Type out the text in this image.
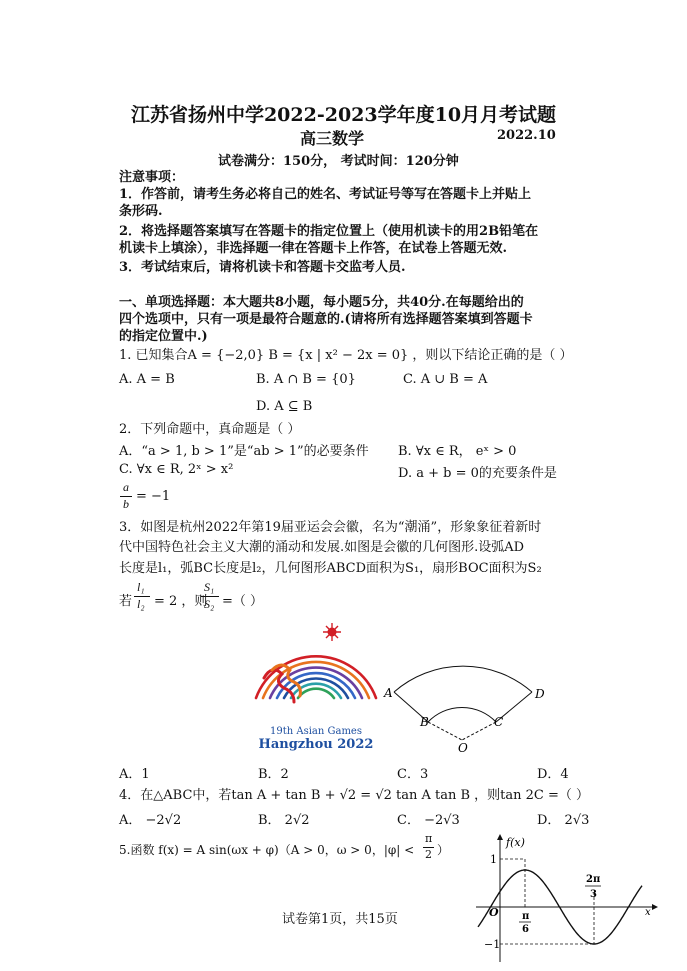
江苏省扬州中学2022-2023学年度10月月考试题
高三数学	2022.10
试卷满分：150分， 考试时间：120分钟
注意事项：
1．作答前，请考生务必将自己的姓名、考试证号等写在答题卡上并贴上
条形码.
2．将选择题答案填写在答题卡的指定位置上（使用机读卡的用2B铅笔在
机读卡上填涂），非选择题一律在答题卡上作答，在试卷上答题无效.
3．考试结束后，请将机读卡和答题卡交监考人员.
一、单项选择题：本大题共8小题，每小题5分，共40分.在每题给出的
四个选项中，只有一项是最符合题意的.(请将所有选择题答案填到答题卡
的指定位置中.)
1. 已知集合A = {−2,0} B = {x | x² − 2x = 0} ，则以下结论正确的是（ ）
A. A = B	B. A ∩ B = {0}	C. A ∪ B = A
D. A ⊆ B
2．下列命题中，真命题是（ ）
A．“a > 1, b > 1”是“ab > 1”的必要条件 B. ∀x ∈ R， eˣ > 0
C. ∀x ∈ R, 2ˣ > x²	D. a + b = 0的充要条件是
a
b = −1
3．如图是杭州2022年第19届亚运会会徽，名为“潮涌”，形象象征着新时
代中国特色社会主义大潮的涌动和发展.如图是会徽的几何图形.设弧AD
长度是l₁，弧BC长度是l₂，几何图形ABCD面积为S₁，扇形BOC面积为S₂
若
l₁
l₂ = 2 ，则
S₁
S₂ =（ ）
19th Asian Games
Hangzhou 2022
A	D
B	C
O
A．1	B．2	C．3	D．4
4．在△ABC中，若tan A + tan B + √2 = √2 tan A tan B ，则tan 2C =（ ）
A． −2√2	B． 2√2	C． −2√3	D． 2√3
5.函数 f(x) = A sin(ωx + φ)（A > 0，ω > 0，|φ| <
π
2 ）
f(x)
x
1
−1
O π
6
2π
3
试卷第1页，共15页
